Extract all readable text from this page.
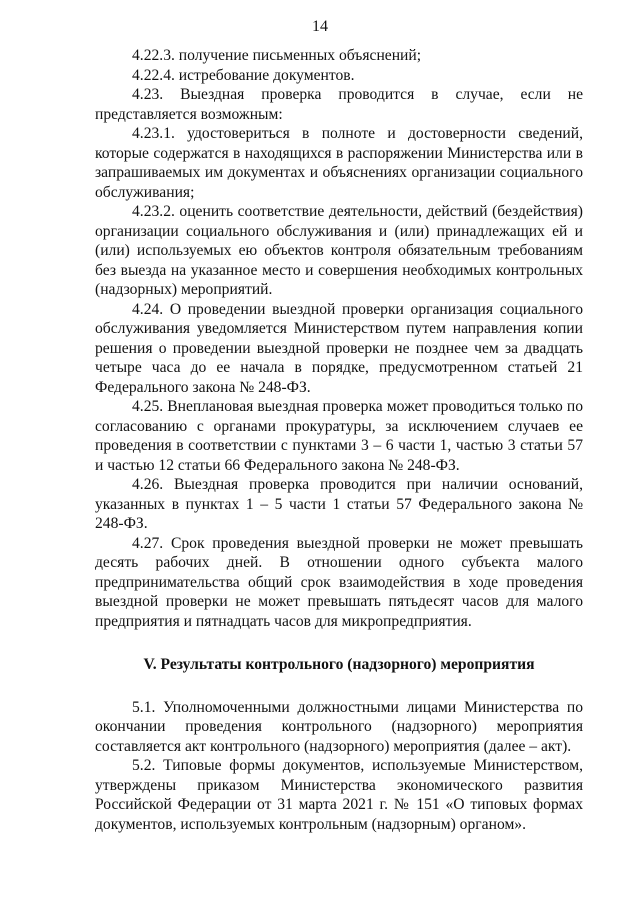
14

4.22.3. получение письменных объяснений;

4.22.4. истребование документов.

4.23. Выездная проверка проводится в случае, если не представляется возможным:

4.23.1. удостовериться в полноте и достоверности сведений, которые содержатся в находящихся в распоряжении Министерства или в запрашиваемых им документах и объяснениях организации социального обслуживания;

4.23.2. оценить соответствие деятельности, действий (бездействия) организации социального обслуживания и (или) принадлежащих ей и (или) используемых ею объектов контроля обязательным требованиям без выезда на указанное место и совершения необходимых контрольных (надзорных) мероприятий.

4.24. О проведении выездной проверки организация социального обслуживания уведомляется Министерством путем направления копии решения о проведении выездной проверки не позднее чем за двадцать четыре часа до ее начала в порядке, предусмотренном статьей 21 Федерального закона № 248-ФЗ.

4.25. Внеплановая выездная проверка может проводиться только по согласованию с органами прокуратуры, за исключением случаев ее проведения в соответствии с пунктами 3 – 6 части 1, частью 3 статьи 57 и частью 12 статьи 66 Федерального закона № 248-ФЗ.

4.26. Выездная проверка проводится при наличии оснований, указанных в пунктах 1 – 5 части 1 статьи 57 Федерального закона № 248-ФЗ.

4.27. Срок проведения выездной проверки не может превышать десять рабочих дней. В отношении одного субъекта малого предпринимательства общий срок взаимодействия в ходе проведения выездной проверки не может превышать пятьдесят часов для малого предприятия и пятнадцать часов для микропредприятия.

V. Результаты контрольного (надзорного) мероприятия

5.1. Уполномоченными должностными лицами Министерства по окончании проведения контрольного (надзорного) мероприятия составляется акт контрольного (надзорного) мероприятия (далее – акт).

5.2. Типовые формы документов, используемые Министерством, утверждены приказом Министерства экономического развития Российской Федерации от 31 марта 2021 г. № 151 «О типовых формах документов, используемых контрольным (надзорным) органом».
